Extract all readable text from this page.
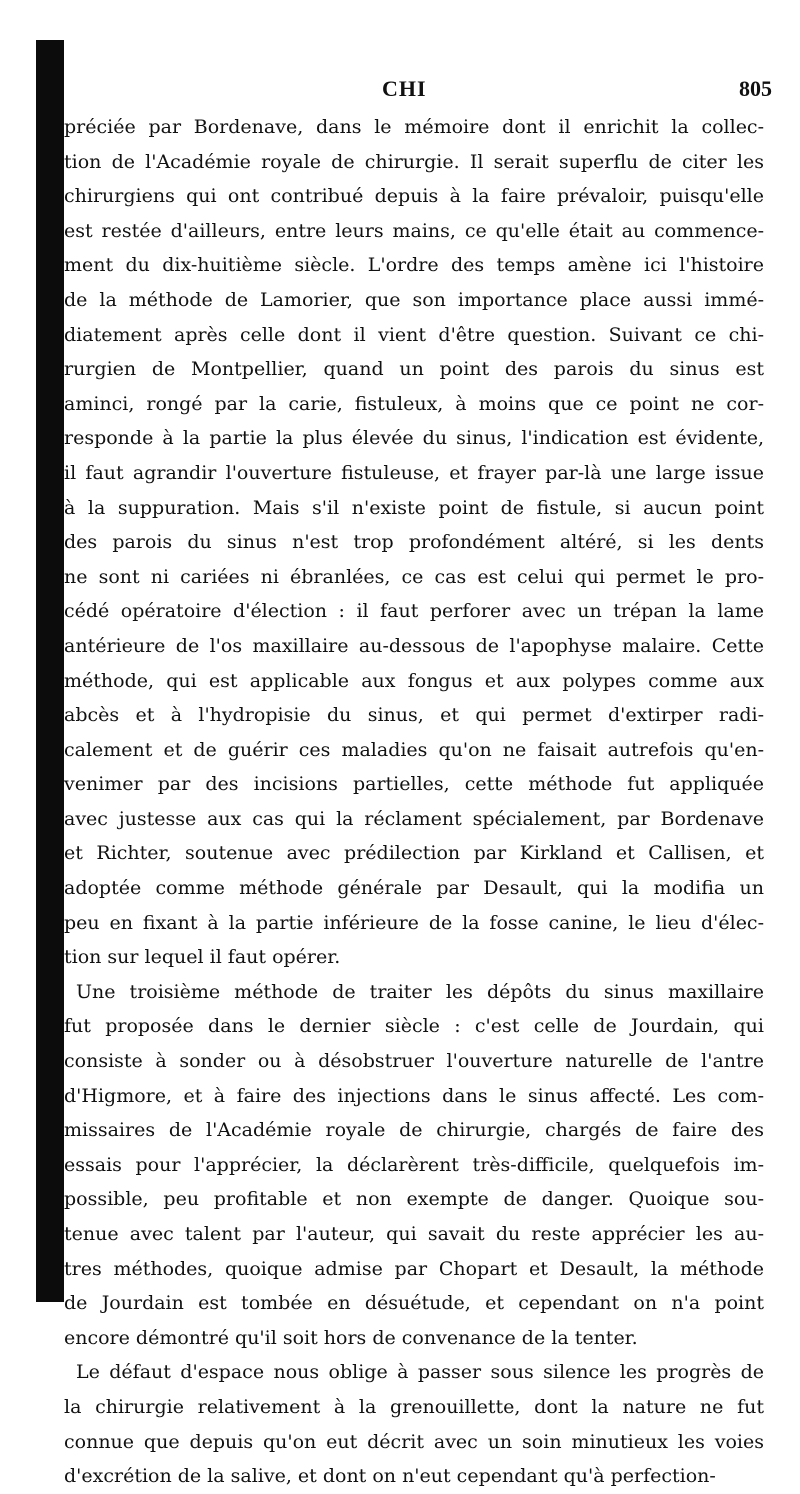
CHI	805
préciée par Bordenave, dans le mémoire dont il enrichit la collec-
tion de l'Académie royale de chirurgie. Il serait superflu de citer les
chirurgiens qui ont contribué depuis à la faire prévaloir, puisqu'elle
est restée d'ailleurs, entre leurs mains, ce qu'elle était au commence-
ment du dix-huitième siècle. L'ordre des temps amène ici l'histoire
de la méthode de Lamorier, que son importance place aussi immé-
diatement après celle dont il vient d'être question. Suivant ce chi-
rurgien de Montpellier, quand un point des parois du sinus est
aminci, rongé par la carie, fistuleux, à moins que ce point ne cor-
responde à la partie la plus élevée du sinus, l'indication est évidente,
il faut agrandir l'ouverture fistuleuse, et frayer par-là une large issue
à la suppuration. Mais s'il n'existe point de fistule, si aucun point
des parois du sinus n'est trop profondément altéré, si les dents
ne sont ni cariées ni ébranlées, ce cas est celui qui permet le pro-
cédé opératoire d'élection : il faut perforer avec un trépan la lame
antérieure de l'os maxillaire au-dessous de l'apophyse malaire. Cette
méthode, qui est applicable aux fongus et aux polypes comme aux
abcès et à l'hydropisie du sinus, et qui permet d'extirper radi-
calement et de guérir ces maladies qu'on ne faisait autrefois qu'en-
venimer par des incisions partielles, cette méthode fut appliquée
avec justesse aux cas qui la réclament spécialement, par Bordenave
et Richter, soutenue avec prédilection par Kirkland et Callisen, et
adoptée comme méthode générale par Desault, qui la modifia un
peu en fixant à la partie inférieure de la fosse canine, le lieu d'élec-
tion sur lequel il faut opérer.
Une troisième méthode de traiter les dépôts du sinus maxillaire
fut proposée dans le dernier siècle : c'est celle de Jourdain, qui
consiste à sonder ou à désobstruer l'ouverture naturelle de l'antre
d'Higmore, et à faire des injections dans le sinus affecté. Les com-
missaires de l'Académie royale de chirurgie, chargés de faire des
essais pour l'apprécier, la déclarèrent très-difficile, quelquefois im-
possible, peu profitable et non exempte de danger. Quoique sou-
tenue avec talent par l'auteur, qui savait du reste apprécier les au-
tres méthodes, quoique admise par Chopart et Desault, la méthode
de Jourdain est tombée en désuétude, et cependant on n'a point
encore démontré qu'il soit hors de convenance de la tenter.
Le défaut d'espace nous oblige à passer sous silence les progrès de
la chirurgie relativement à la grenouillette, dont la nature ne fut
connue que depuis qu'on eut décrit avec un soin minutieux les voies
d'excrétion de la salive, et dont on n'eut cependant qu'à perfection-
